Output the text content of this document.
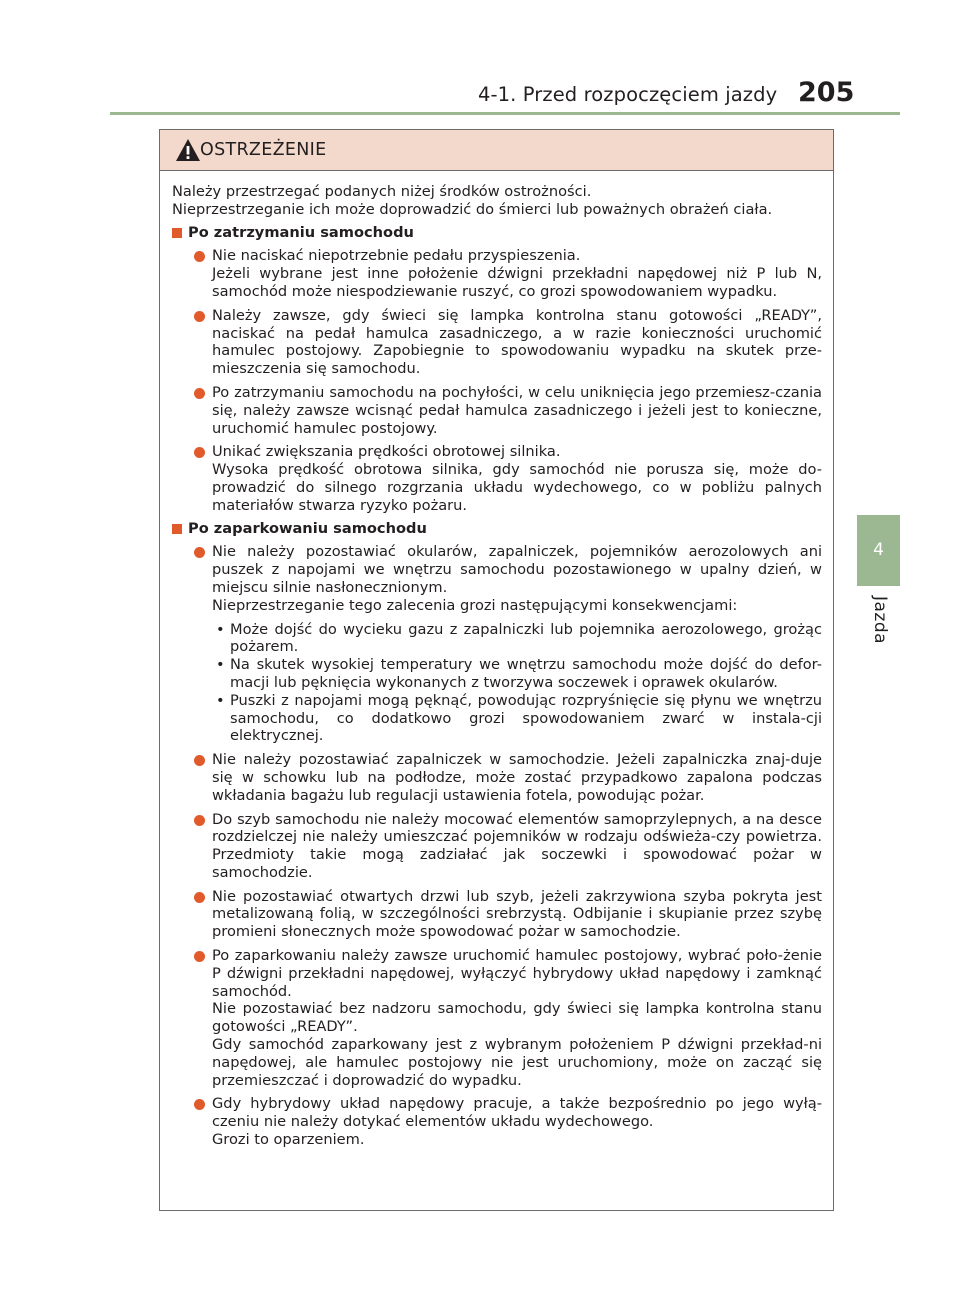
4-1. Przed rozpoczęciem jazdy 205
4
Jazda
OSTRZEŻENIE
Należy przestrzegać podanych niżej środków ostrożności.
Nieprzestrzeganie ich może doprowadzić do śmierci lub poważnych obrażeń ciała.
Po zatrzymaniu samochodu
Nie naciskać niepotrzebnie pedału przyspieszenia.
Jeżeli wybrane jest inne położenie dźwigni przekładni napędowej niż P lub N, samochód może niespodziewanie ruszyć, co grozi spowodowaniem wypadku.
Należy zawsze, gdy świeci się lampka kontrolna stanu gotowości „READY”, naciskać na pedał hamulca zasadniczego, a w razie konieczności uruchomić hamulec postojowy. Zapobiegnie to spowodowaniu wypadku na skutek prze-mieszczenia się samochodu.
Po zatrzymaniu samochodu na pochyłości, w celu uniknięcia jego przemiesz-czania się, należy zawsze wcisnąć pedał hamulca zasadniczego i jeżeli jest to konieczne, uruchomić hamulec postojowy.
Unikać zwiększania prędkości obrotowej silnika.
Wysoka prędkość obrotowa silnika, gdy samochód nie porusza się, może do-prowadzić do silnego rozgrzania układu wydechowego, co w pobliżu palnych materiałów stwarza ryzyko pożaru.
Po zaparkowaniu samochodu
Nie należy pozostawiać okularów, zapalniczek, pojemników aerozolowych ani puszek z napojami we wnętrzu samochodu pozostawionego w upalny dzień, w miejscu silnie nasłonecznionym.
Nieprzestrzeganie tego zalecenia grozi następującymi konsekwencjami:
• Może dojść do wycieku gazu z zapalniczki lub pojemnika aerozolowego, grożąc pożarem.
• Na skutek wysokiej temperatury we wnętrzu samochodu może dojść do defor-macji lub pęknięcia wykonanych z tworzywa soczewek i oprawek okularów.
• Puszki z napojami mogą pęknąć, powodując rozpryśnięcie się płynu we wnętrzu samochodu, co dodatkowo grozi spowodowaniem zwarć w instala-cji elektrycznej.
Nie należy pozostawiać zapalniczek w samochodzie. Jeżeli zapalniczka znaj-duje się w schowku lub na podłodze, może zostać przypadkowo zapalona podczas wkładania bagażu lub regulacji ustawienia fotela, powodując pożar.
Do szyb samochodu nie należy mocować elementów samoprzylepnych, a na desce rozdzielczej nie należy umieszczać pojemników w rodzaju odświeża-czy powietrza. Przedmioty takie mogą zadziałać jak soczewki i spowodować pożar w samochodzie.
Nie pozostawiać otwartych drzwi lub szyb, jeżeli zakrzywiona szyba pokryta jest metalizowaną folią, w szczególności srebrzystą. Odbijanie i skupianie przez szybę promieni słonecznych może spowodować pożar w samochodzie.
Po zaparkowaniu należy zawsze uruchomić hamulec postojowy, wybrać poło-żenie P dźwigni przekładni napędowej, wyłączyć hybrydowy układ napędowy i zamknąć samochód.
Nie pozostawiać bez nadzoru samochodu, gdy świeci się lampka kontrolna stanu gotowości „READY”.
Gdy samochód zaparkowany jest z wybranym położeniem P dźwigni przekład-ni napędowej, ale hamulec postojowy nie jest uruchomiony, może on zacząć się przemieszczać i doprowadzić do wypadku.
Gdy hybrydowy układ napędowy pracuje, a także bezpośrednio po jego wyłą-czeniu nie należy dotykać elementów układu wydechowego.
Grozi to oparzeniem.
